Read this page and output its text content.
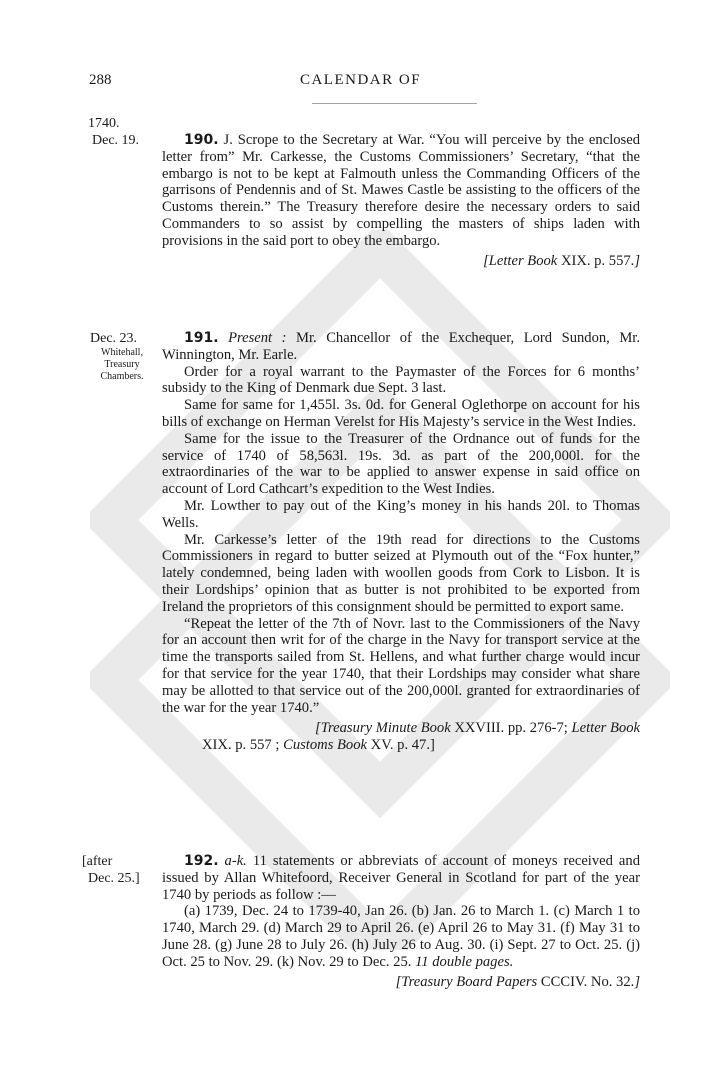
288	CALENDAR OF
1740.
Dec. 19.	190. J. Scrope to the Secretary at War. “You will perceive by the enclosed letter from” Mr. Carkesse, the Customs Commissioners’ Secretary, “that the embargo is not to be kept at Falmouth unless the Commanding Officers of the garrisons of Pendennis and of St. Mawes Castle be assisting to the officers of the Customs therein.” The Treasury therefore desire the necessary orders to said Commanders to so assist by compelling the masters of ships laden with provisions in the said port to obey the embargo.

[Letter Book XIX. p. 557.]

Dec. 23.
Whitehall,
Treasury
Chambers.

191. Present : Mr. Chancellor of the Exchequer, Lord Sundon, Mr. Winnington, Mr. Earle.

Order for a royal warrant to the Paymaster of the Forces for 6 months’ subsidy to the King of Denmark due Sept. 3 last.

Same for same for 1,455l. 3s. 0d. for General Oglethorpe on account for his bills of exchange on Herman Verelst for His Majesty’s service in the West Indies.

Same for the issue to the Treasurer of the Ordnance out of funds for the service of 1740 of 58,563l. 19s. 3d. as part of the 200,000l. for the extraordinaries of the war to be applied to answer expense in said office on account of Lord Cathcart’s expedition to the West Indies.

Mr. Lowther to pay out of the King’s money in his hands 20l. to Thomas Wells.

Mr. Carkesse’s letter of the 19th read for directions to the Customs Commissioners in regard to butter seized at Plymouth out of the “Fox hunter,” lately condemned, being laden with woollen goods from Cork to Lisbon. It is their Lordships’ opinion that as butter is not prohibited to be exported from Ireland the proprietors of this consignment should be permitted to export same.

“Repeat the letter of the 7th of Novr. last to the Commissioners of the Navy for an account then writ for of the charge in the Navy for transport service at the time the transports sailed from St. Hellens, and what further charge would incur for that service for the year 1740, that their Lordships may consider what share may be allotted to that service out of the 200,000l. granted for extraordinaries of the war for the year 1740.”

[Treasury Minute Book XXVIII. pp. 276-7; Letter Book

XIX. p. 557 ; Customs Book XV. p. 47.]

[after
Dec. 25.]

192. a-k. 11 statements or abbreviats of account of moneys received and issued by Allan Whitefoord, Receiver General in Scotland for part of the year 1740 by periods as follow :—

(a) 1739, Dec. 24 to 1739-40, Jan 26. (b) Jan. 26 to March 1. (c) March 1 to 1740, March 29. (d) March 29 to April 26. (e) April 26 to May 31. (f) May 31 to June 28. (g) June 28 to July 26. (h) July 26 to Aug. 30. (i) Sept. 27 to Oct. 25. (j) Oct. 25 to Nov. 29. (k) Nov. 29 to Dec. 25. 11 double pages.

[Treasury Board Papers CCCIV. No. 32.]
